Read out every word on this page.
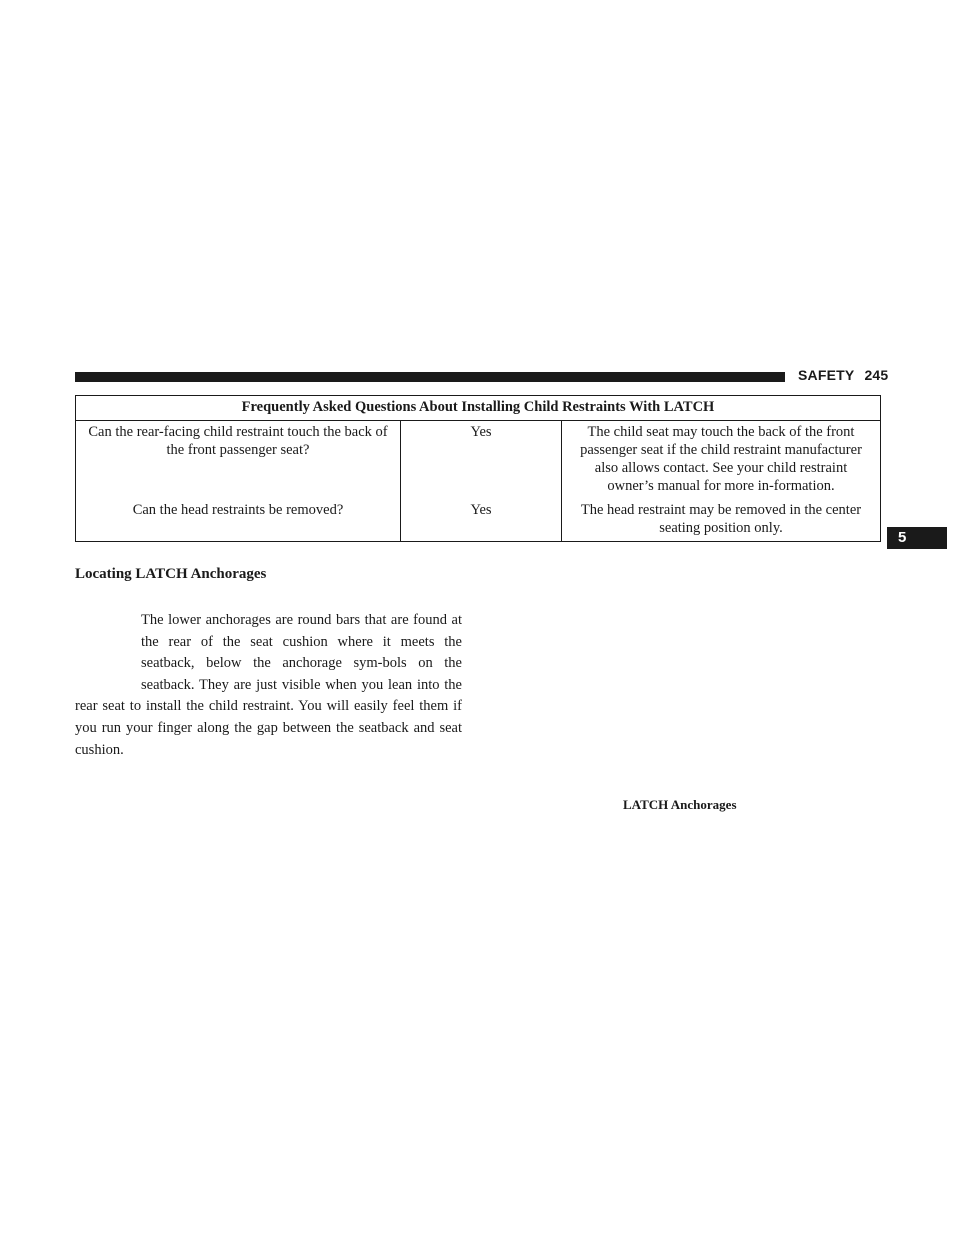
SAFETY 245
5
Frequently Asked Questions About Installing Child Restraints With LATCH		
Can the rear-facing child restraint touch the back of the front passenger seat?	Yes	The child seat may touch the back of the front passenger seat if the child restraint manufacturer also allows contact. See your child restraint owner’s manual for more in-formation.
Can the head restraints be removed?	Yes	The head restraint may be removed in the center seating position only.
Locating LATCH Anchorages
The lower anchorages are round bars that are found at the rear of the seat cushion where it meets the seatback, below the anchorage sym-bols on the seatback. They are just visible when you lean into the rear seat to install the child restraint. You will easily feel them if you run your finger along the gap between the seatback and seat cushion.
LATCH Anchorages
